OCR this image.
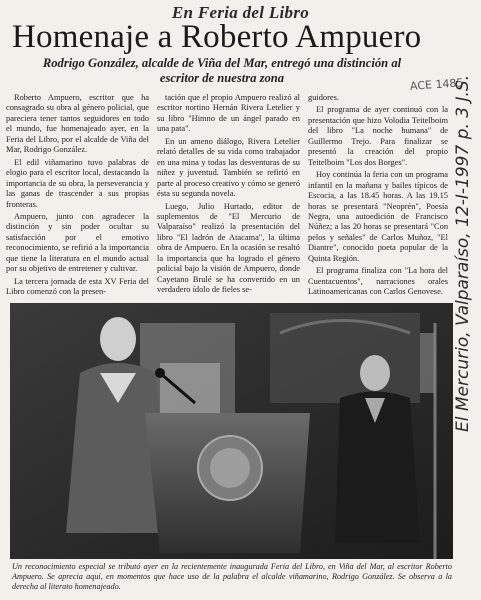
En Feria del Libro
Homenaje a Roberto Ampuero
Rodrigo González, alcalde de Viña del Mar, entregó una distinción al escritor de nuestra zona	ACE 1485

Roberto Ampuero, escritor que ha consagrado su obra al género policial, que pareciera tener tantos seguidores en todo el mundo, fue homenajeado ayer, en la Feria del Libro, por el alcalde de Viña del Mar, Rodrigo González.

El edil viñamarino tuvo palabras de elogio para el escritor local, destacando la importancia de su obra, la perseverancia y las ganas de trascender a sus propias fronteras.

Ampuero, junto con agradecer la distinción y sin poder ocultar su satisfacción por el emotivo reconocimiento, se refirió a la importancia que tiene la literatura en el mundo actual por su objetivo de entretener y cultivar.

La tercera jornada de esta XV Feria del Libro comenzó con la presen-

tación que el propio Ampuero realizó al escritor nortino Hernán Rivera Letelier y su libro "Himno de un ángel parado en una pata".

En un ameno diálogo, Rivera Letelier relató detalles de su vida como trabajador en una mina y todas las desventuras de su niñez y juventud. También se refirió en parte al proceso creativo y cómo se generó ésta su segunda novela.

Luego, Julio Hurtado, editor de suplementos de "El Mercurio de Valparaíso" realizó la presentación del libro "El ladrón de Atacama", la última obra de Ampuero. En la ocasión se resaltó la importancia que ha logrado el género policial bajo la visión de Ampuero, donde Cayetano Brulé se ha convertido en un verdadero ídolo de fieles se-

guidores.

El programa de ayer continuó con la presentación que hizo Volodia Teitelboim del libro "La noche humana" de Guillermo Trejo. Para finalizar se presentó la creación del propio Teitelboim "Los dos Borges".

Hoy continúa la feria con un programa infantil en la mañana y bailes típicos de Escocia, a las 18.45 horas. A las 19.15 horas se presentará "Neoprén", Poesía Negra, una autoedición de Francisco Núñez; a las 20 horas se presentará "Con pelos y señales" de Carlos Muñoz, "El Diantre", conocido poeta popular de la Quinta Región.

El programa finaliza con "La hora del Cuentacuentos", narraciones orales Latinoamericanas con Carlos Genovese. El Mercurio, Valparaíso, 12-I-1997 p. 3 J.S.
Un reconocimiento especial se tributó ayer en la recientemente inaugurada Feria del Libro, en Viña del Mar, al escritor Roberto Ampuero. Se aprecia aquí, en momentos que hace uso de la palabra el alcalde viñamarino, Rodrigo González. Se observa a la derecha al literato homenajeado.
